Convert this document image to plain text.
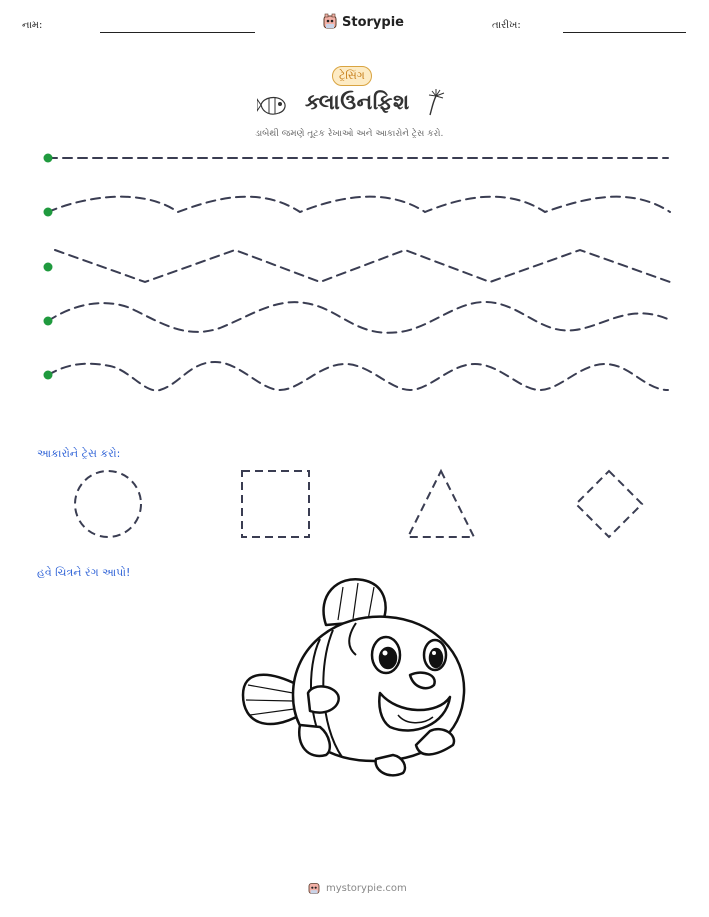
નામ:	Storypie	તારીખ:
ટ્રેસિંગ
ક્લાઉનફિશ
ડાબેથી જમણે તૂટક રેખાઓ અને આકારોને ટ્રેસ કરો.
આકારોને ટ્રેસ કરો:
હવે ચિત્રને રંગ આપો!
mystorypie.com
